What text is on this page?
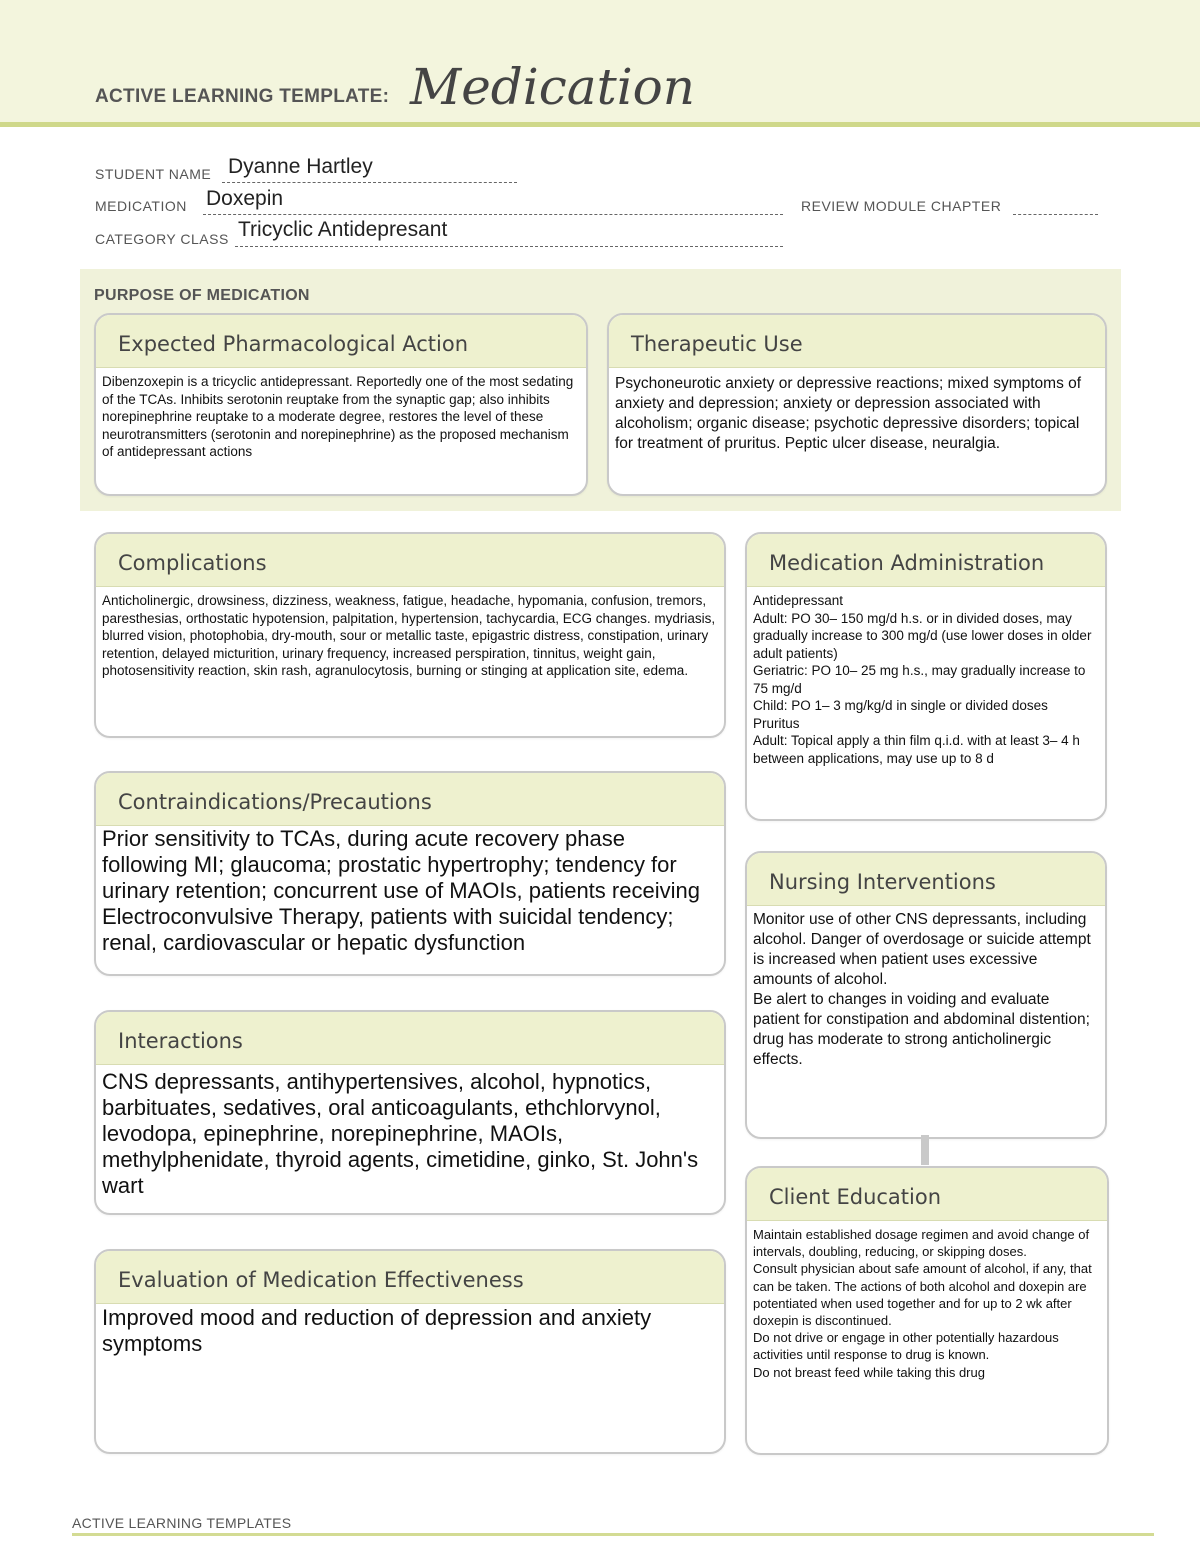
ACTIVE LEARNING TEMPLATE: Medication
STUDENT NAME Dyanne Hartley
MEDICATION Doxepin	REVIEW MODULE CHAPTER
CATEGORY CLASS Tricyclic Antidepresant
PURPOSE OF MEDICATION
Expected Pharmacological Action
Dibenzoxepin is a tricyclic antidepressant. Reportedly one of the most sedating of the TCAs. Inhibits serotonin reuptake from the synaptic gap; also inhibits norepinephrine reuptake to a moderate degree, restores the level of these neurotransmitters (serotonin and norepinephrine) as the proposed mechanism of antidepressant actions
Therapeutic Use
Psychoneurotic anxiety or depressive reactions; mixed symptoms of anxiety and depression; anxiety or depression associated with alcoholism; organic disease; psychotic depressive disorders; topical for treatment of pruritus. Peptic ulcer disease, neuralgia.
Complications
Anticholinergic, drowsiness, dizziness, weakness, fatigue, headache, hypomania, confusion, tremors, paresthesias, orthostatic hypotension, palpitation, hypertension, tachycardia, ECG changes. mydriasis, blurred vision, photophobia, dry-mouth, sour or metallic taste, epigastric distress, constipation, urinary retention, delayed micturition, urinary frequency, increased perspiration, tinnitus, weight gain, photosensitivity reaction, skin rash, agranulocytosis, burning or stinging at application site, edema.
Contraindications/Precautions
Prior sensitivity to TCAs, during acute recovery phase following MI; glaucoma; prostatic hypertrophy; tendency for urinary retention; concurrent use of MAOIs, patients receiving Electroconvulsive Therapy, patients with suicidal tendency; renal, cardiovascular or hepatic dysfunction
Interactions
CNS depressants, antihypertensives, alcohol, hypnotics, barbituates, sedatives, oral anticoagulants, ethchlorvynol, levodopa, epinephrine, norepinephrine, MAOIs, methylphenidate, thyroid agents, cimetidine, ginko, St. John's wart
Evaluation of Medication Effectiveness
Improved mood and reduction of depression and anxiety symptoms
Medication Administration
Antidepressant
Adult: PO 30– 150 mg/d h.s. or in divided doses, may gradually increase to 300 mg/d (use lower doses in older adult patients)
Geriatric: PO 10– 25 mg h.s., may gradually increase to 75 mg/d
Child: PO 1– 3 mg/kg/d in single or divided doses
Pruritus
Adult: Topical apply a thin film q.i.d. with at least 3– 4 h between applications, may use up to 8 d
Nursing Interventions
Monitor use of other CNS depressants, including alcohol. Danger of overdosage or suicide attempt is increased when patient uses excessive amounts of alcohol.
Be alert to changes in voiding and evaluate patient for constipation and abdominal distention; drug has moderate to strong anticholinergic effects.
Client Education
Maintain established dosage regimen and avoid change of intervals, doubling, reducing, or skipping doses.
Consult physician about safe amount of alcohol, if any, that can be taken. The actions of both alcohol and doxepin are potentiated when used together and for up to 2 wk after doxepin is discontinued.
Do not drive or engage in other potentially hazardous activities until response to drug is known.
Do not breast feed while taking this drug
ACTIVE LEARNING TEMPLATES
